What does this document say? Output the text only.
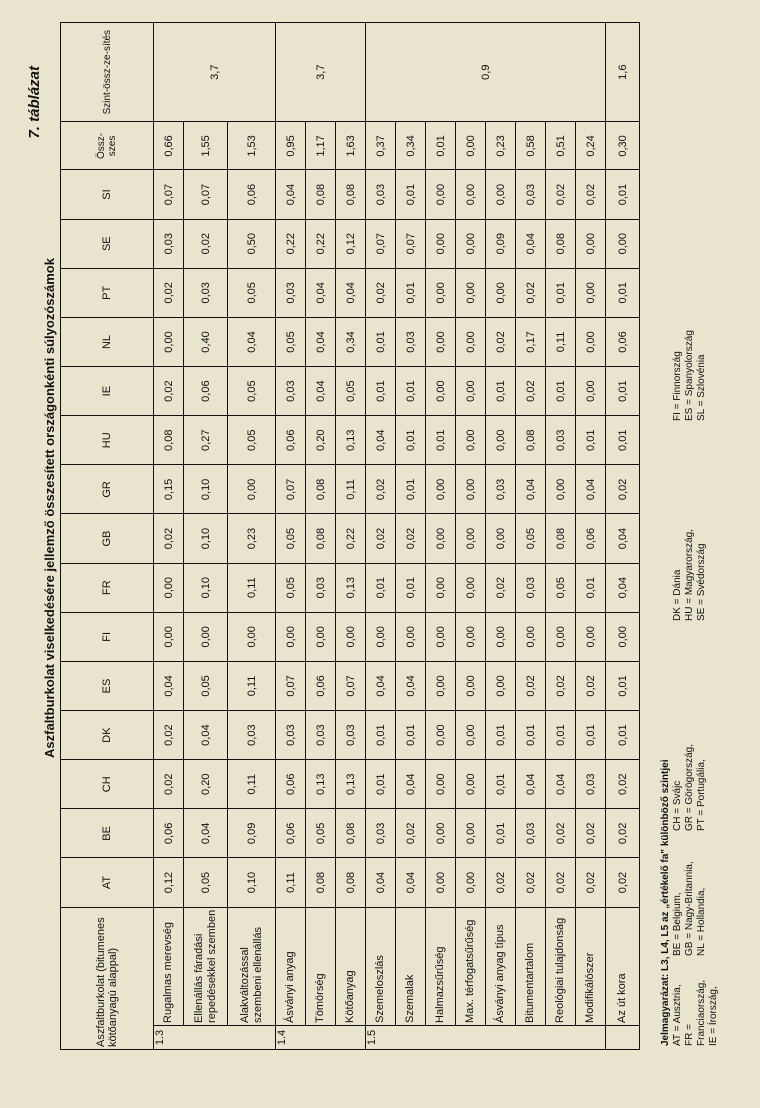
7. táblázat
Aszfaltburkolat viselkedésére jellemző összesített országonkénti súlyozószámok
Aszfaltburkolat (bitumenes kötőanyagú alappal)		AT	BE	CH	DK	ES	FI	FR	GB	GR	HU	IE	NL	PT	SE	SI	Össz-szes	Szint-össz-ze-sítés
1.3	Rugalmas merevség	0,12	0,06	0,02	0,02	0,04	0,00	0,00	0,02	0,15	0,08	0,02	0,00	0,02	0,03	0,07	0,66	3,7
	Ellenállás fáradási repedésekkel szemben	0,05	0,04	0,20	0,04	0,05	0,00	0,10	0,10	0,10	0,27	0,06	0,40	0,03	0,02	0,07	1,55	
	Alakváltozással szembeni ellenállás	0,10	0,09	0,11	0,03	0,11	0,00	0,11	0,23	0,00	0,05	0,05	0,04	0,05	0,50	0,06	1,53	
1.4	Ásványi anyag	0,11	0,06	0,06	0,03	0,07	0,00	0,05	0,05	0,07	0,06	0,03	0,05	0,03	0,22	0,04	0,95	3,7
	Tömörség	0,08	0,05	0,13	0,03	0,06	0,00	0,03	0,08	0,08	0,20	0,04	0,04	0,04	0,22	0,08	1,17	
	Kötőanyag	0,08	0,08	0,13	0,03	0,07	0,00	0,13	0,22	0,11	0,13	0,05	0,34	0,04	0,12	0,08	1,63	
1.5	Szemeloszlás	0,04	0,03	0,01	0,01	0,04	0,00	0,01	0,02	0,02	0,04	0,01	0,01	0,02	0,07	0,03	0,37	0,9
	Szemalak	0,04	0,02	0,04	0,01	0,04	0,00	0,01	0,02	0,01	0,01	0,01	0,03	0,01	0,07	0,01	0,34	
	Halmazsűrűség	0,00	0,00	0,00	0,00	0,00	0,00	0,00	0,00	0,00	0,01	0,00	0,00	0,00	0,00	0,00	0,01	
	Max. térfogatsűrűség	0,00	0,00	0,00	0,00	0,00	0,00	0,00	0,00	0,00	0,00	0,00	0,00	0,00	0,00	0,00	0,00	
	Ásványi anyag típus	0,02	0,01	0,01	0,01	0,00	0,00	0,02	0,00	0,03	0,00	0,01	0,02	0,00	0,09	0,00	0,23	
	Bitumentartalom	0,02	0,03	0,04	0,01	0,02	0,00	0,03	0,05	0,04	0,08	0,02	0,17	0,02	0,04	0,03	0,58	
	Reológiai tulajdonság	0,02	0,02	0,04	0,01	0,02	0,00	0,05	0,08	0,00	0,03	0,01	0,11	0,01	0,08	0,02	0,51	
	Modifikálószer	0,02	0,02	0,03	0,01	0,02	0,00	0,01	0,06	0,04	0,01	0,00	0,00	0,00	0,00	0,02	0,24	
	Az út kora	0,02	0,02	0,02	0,01	0,01	0,00	0,04	0,04	0,02	0,01	0,01	0,06	0,01	0,00	0,01	0,30	1,6
Jelmagyarázat: L3, L4, L5 az „értékelő fa" különböző szintjei AT = Ausztria, FR = Franciaország, IE = Írország,
BE = Belgium, GB = Nagy-Britannia, NL = Hollandia,
CH = Svájc GR = Görögország, PT = Portugália,
DK = Dánia HU = Magyarország, SE = Svédország
FI = Finnország ES = Spanyolország SL = Szlovénia
